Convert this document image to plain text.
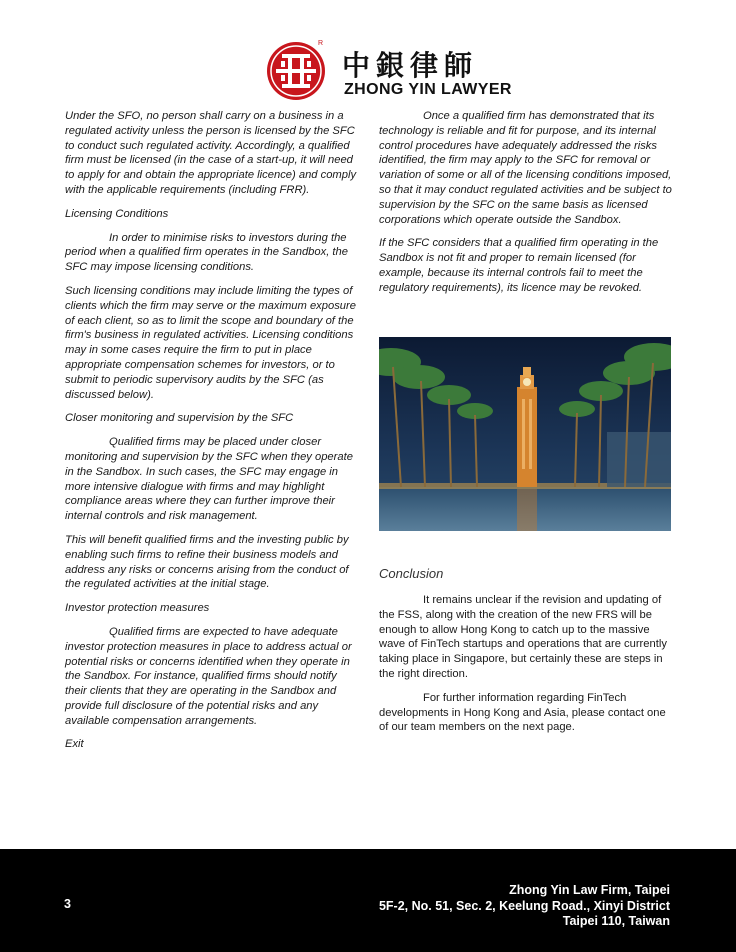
R
中銀律師
ZHONG YIN LAWYER

Under the SFO, no person shall carry on a business in a regulated activity unless the person is licensed by the SFC to conduct such regulated activity. Accordingly, a qualified firm must be licensed (in the case of a start-up, it will need to apply for and obtain the appropriate licence) and comply with the applicable requirements (including FRR).

Licensing Conditions

In order to minimise risks to investors during the period when a qualified firm operates in the Sandbox, the SFC may impose licensing conditions.

Such licensing conditions may include limiting the types of clients which the firm may serve or the maximum exposure of each client, so as to limit the scope and boundary of the firm's business in regulated activities. Licensing conditions may in some cases require the firm to put in place appropriate compensation schemes for investors, or to submit to periodic supervisory audits by the SFC (as discussed below).

Closer monitoring and supervision by the SFC

Qualified firms may be placed under closer monitoring and supervision by the SFC when they operate in the Sandbox. In such cases, the SFC may engage in more intensive dialogue with firms and may highlight compliance areas where they can further improve their internal controls and risk management.

This will benefit qualified firms and the investing public by enabling such firms to refine their business models and address any risks or concerns arising from the conduct of the regulated activities at the initial stage.

Investor protection measures

Qualified firms are expected to have adequate investor protection measures in place to address actual or potential risks or concerns identified when they operate in the Sandbox. For instance, qualified firms should notify their clients that they are operating in the Sandbox and provide full disclosure of the potential risks and any available compensation arrangements.

Exit

Once a qualified firm has demonstrated that its technology is reliable and fit for purpose, and its internal control procedures have adequately addressed the risks identified, the firm may apply to the SFC for removal or variation of some or all of the licensing conditions imposed, so that it may conduct regulated activities and be subject to supervision by the SFC on the same basis as licensed corporations which operate outside the Sandbox.

If the SFC considers that a qualified firm operating in the Sandbox is not fit and proper to remain licensed (for example, because its internal controls fail to meet the regulatory requirements), its licence may be revoked.

Conclusion

It remains unclear if the revision and updating of the FSS, along with the creation of the new FRS will be enough to allow Hong Kong to catch up to the massive wave of FinTech startups and operations that are currently taking place in Singapore, but certainly these are steps in the right direction.

For further information regarding FinTech developments in Hong Kong and Asia, please contact one of our team members on the next page.

3
Zhong Yin Law Firm, Taipei
5F-2, No. 51, Sec. 2, Keelung Road., Xinyi District
Taipei 110, Taiwan
